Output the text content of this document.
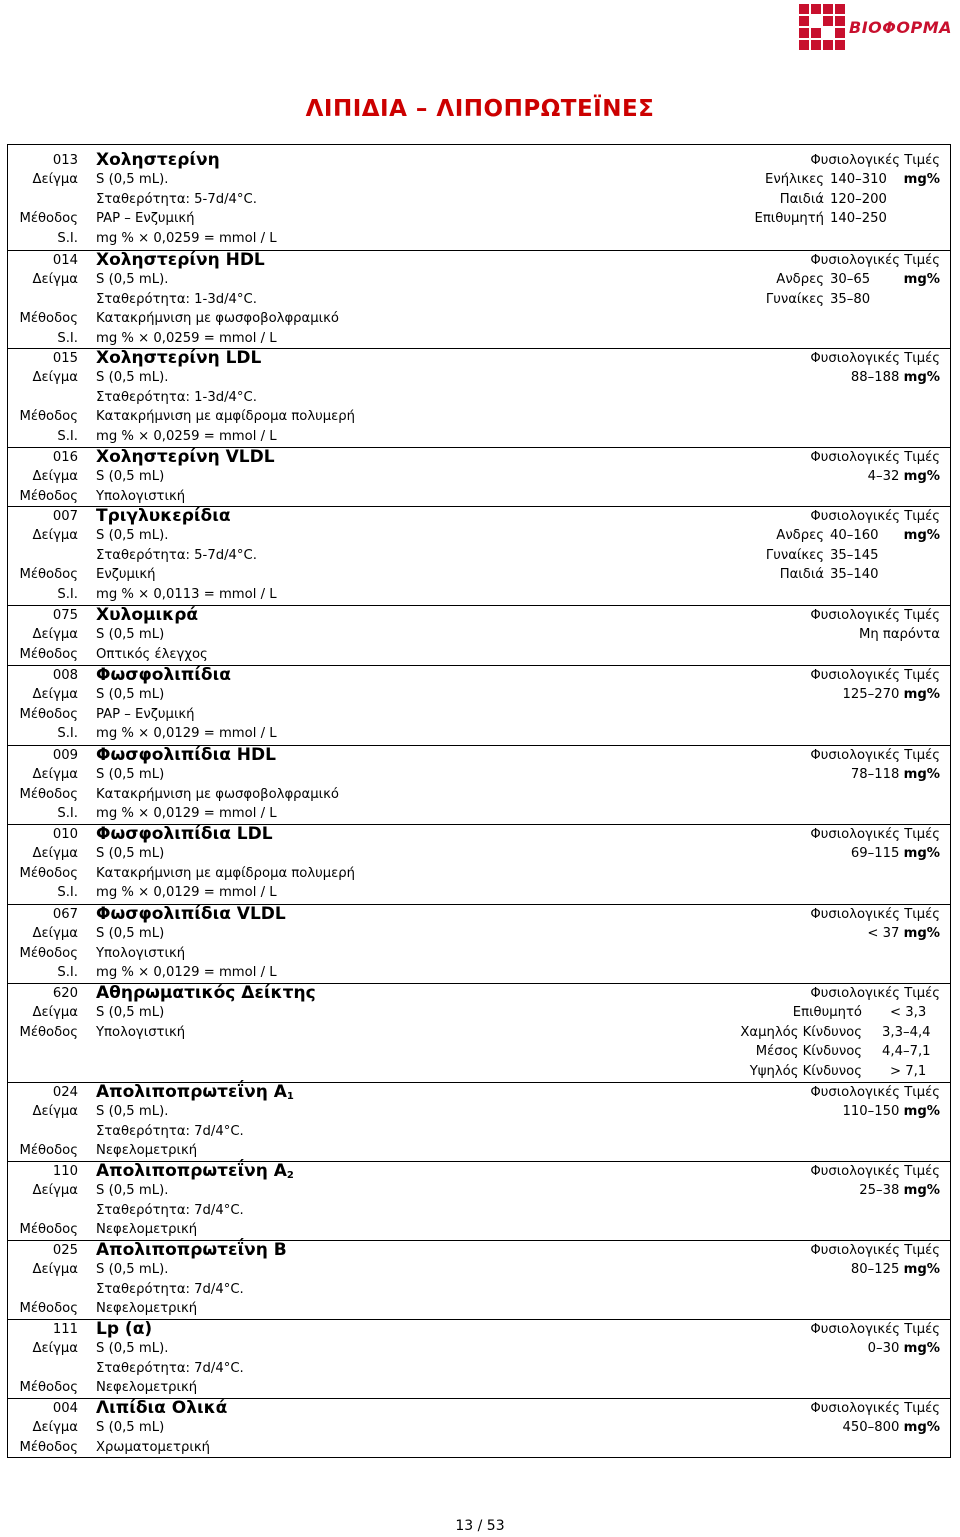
ΒΙΟΦΟΡΜΑ
ΛΙΠΙΔΙΑ – ΛΙΠΟΠΡΩΤΕΪΝΕΣ
013 Χοληστερίνη	Φυσιολογικές Τιμές
Δείγμα S (0,5 mL).	Ενήλικες 140–310 mg%
Σταθερότητα: 5-7d/4°C.	Παιδιά 120–200
Μέθοδος PAP – Ενζυμική	Επιθυμητή 140–250
S.I. mg % × 0,0259 = mmol / L
014 Χοληστερίνη HDL	Φυσιολογικές Τιμές
Δείγμα S (0,5 mL).	Ανδρες 30–65	mg%
Σταθερότητα: 1-3d/4°C.	Γυναίκες 35–80
Μέθοδος Κατακρήμνιση με φωσφοβολφραμικό
S.I. mg % × 0,0259 = mmol / L
015 Χοληστερίνη LDL	Φυσιολογικές Τιμές
Δείγμα S (0,5 mL).	88–188 mg%
Σταθερότητα: 1-3d/4°C.
Μέθοδος Κατακρήμνιση με αμφίδρομα πολυμερή
S.I. mg % × 0,0259 = mmol / L
016 Χοληστερίνη VLDL	Φυσιολογικές Τιμές
Δείγμα S (0,5 mL)	4–32 mg%
Μέθοδος Υπολογιστική
007 Τριγλυκερίδια	Φυσιολογικές Τιμές
Δείγμα S (0,5 mL).	Ανδρες 40–160 mg%
Σταθερότητα: 5-7d/4°C.	Γυναίκες 35–145
Μέθοδος Ενζυμική	Παιδιά 35–140
S.I. mg % × 0,0113 = mmol / L
075 Χυλομικρά	Φυσιολογικές Τιμές
Δείγμα S (0,5 mL)	Μη παρόντα
Μέθοδος Οπτικός έλεγχος
008 Φωσφολιπίδια	Φυσιολογικές Τιμές
Δείγμα S (0,5 mL)	125–270 mg%
Μέθοδος PAP – Ενζυμική
S.I. mg % × 0,0129 = mmol / L
009 Φωσφολιπίδια HDL	Φυσιολογικές Τιμές
Δείγμα S (0,5 mL)	78–118 mg%
Μέθοδος Κατακρήμνιση με φωσφοβολφραμικό
S.I. mg % × 0,0129 = mmol / L
010 Φωσφολιπίδια LDL	Φυσιολογικές Τιμές
Δείγμα S (0,5 mL)	69–115 mg%
Μέθοδος Κατακρήμνιση με αμφίδρομα πολυμερή
S.I. mg % × 0,0129 = mmol / L
067 Φωσφολιπίδια VLDL	Φυσιολογικές Τιμές
Δείγμα S (0,5 mL)	< 37 mg%
Μέθοδος Υπολογιστική
S.I. mg % × 0,0129 = mmol / L
620 Αθηρωματικός Δείκτης	Φυσιολογικές Τιμές
Δείγμα S (0,5 mL)	Επιθυμητό < 3,3
Μέθοδος Υπολογιστική	Χαμηλός Κίνδυνος 3,3–4,4
Μέσος Κίνδυνος 4,4–7,1
Υψηλός Κίνδυνος > 7,1
024 Απολιποπρωτεΐνη $A_1$	Φυσιολογικές Τιμές
Δείγμα S (0,5 mL).	110–150 mg%
Σταθερότητα: 7d/4°C.
Μέθοδος Νεφελομετρική
110 Απολιποπρωτεΐνη $A_2$	Φυσιολογικές Τιμές
Δείγμα S (0,5 mL).	25–38 mg%
Σταθερότητα: 7d/4°C.
Μέθοδος Νεφελομετρική
025 Απολιποπρωτεΐνη Β	Φυσιολογικές Τιμές
Δείγμα S (0,5 mL).	80–125 mg%
Σταθερότητα: 7d/4°C.
Μέθοδος Νεφελομετρική
111 Lp (α)	Φυσιολογικές Τιμές
Δείγμα S (0,5 mL).	0–30 mg%
Σταθερότητα: 7d/4°C.
Μέθοδος Νεφελομετρική
004 Λιπίδια Ολικά	Φυσιολογικές Τιμές
Δείγμα S (0,5 mL)	450–800 mg%
Μέθοδος Χρωματομετρική
13 / 53
